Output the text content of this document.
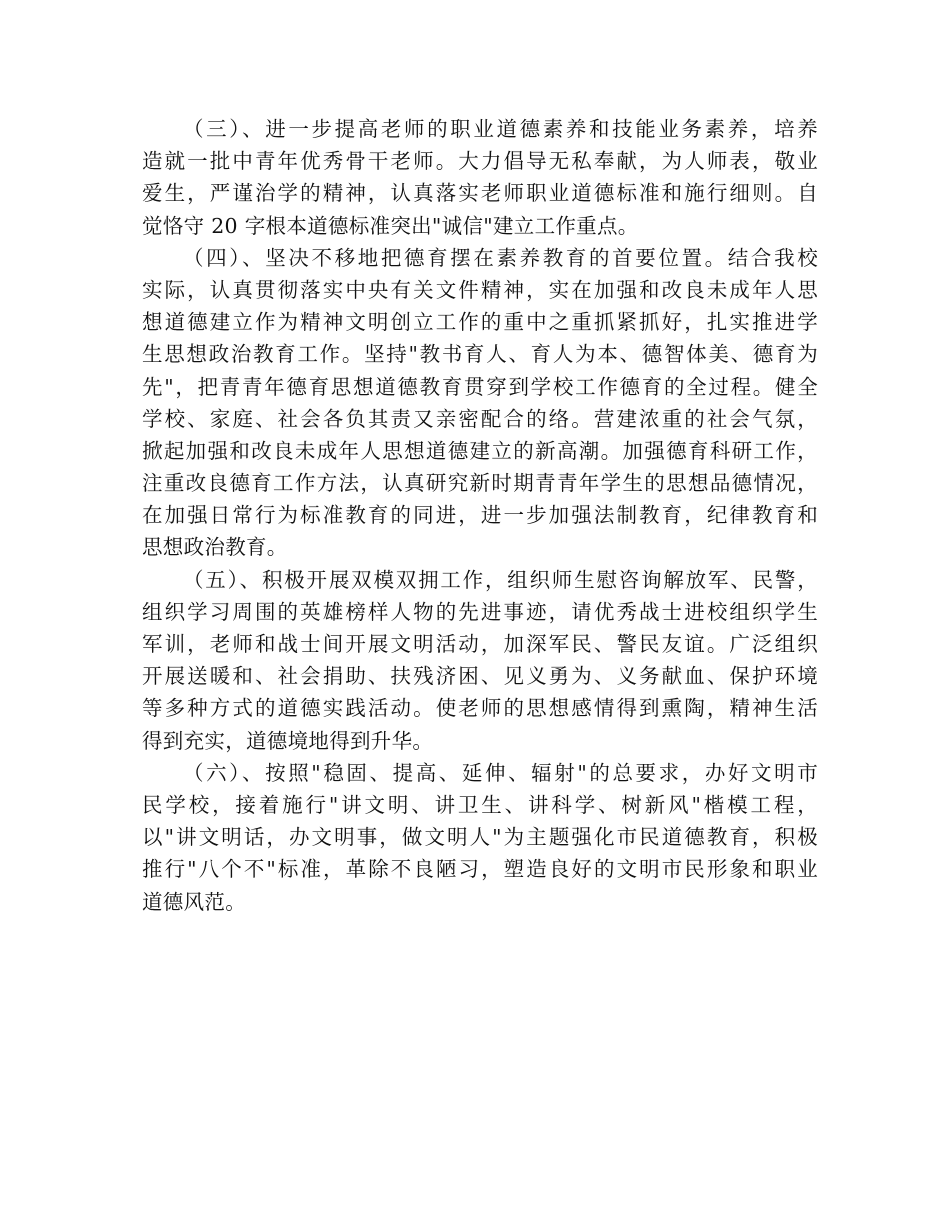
（三）、进一步提高老师的职业道德素养和技能业务素养，培养
造就一批中青年优秀骨干老师。大力倡导无私奉献，为人师表，敬业
爱生，严谨治学的精神，认真落实老师职业道德标准和施行细则。自
觉恪守 20 字根本道德标准突出"诚信"建立工作重点。
（四）、坚决不移地把德育摆在素养教育的首要位置。结合我校
实际，认真贯彻落实中央有关文件精神，实在加强和改良未成年人思
想道德建立作为精神文明创立工作的重中之重抓紧抓好，扎实推进学
生思想政治教育工作。坚持"教书育人、育人为本、德智体美、德育为
先"，把青青年德育思想道德教育贯穿到学校工作德育的全过程。健全
学校、家庭、社会各负其责又亲密配合的络。营建浓重的社会气氛，
掀起加强和改良未成年人思想道德建立的新高潮。加强德育科研工作，
注重改良德育工作方法，认真研究新时期青青年学生的思想品德情况，
在加强日常行为标准教育的同进，进一步加强法制教育，纪律教育和
思想政治教育。
（五）、积极开展双模双拥工作，组织师生慰咨询解放军、民警，
组织学习周围的英雄榜样人物的先进事迹，请优秀战士进校组织学生
军训，老师和战士间开展文明活动，加深军民、警民友谊。广泛组织
开展送暖和、社会捐助、扶残济困、见义勇为、义务献血、保护环境
等多种方式的道德实践活动。使老师的思想感情得到熏陶，精神生活
得到充实，道德境地得到升华。
（六）、按照"稳固、提高、延伸、辐射"的总要求，办好文明市
民学校，接着施行"讲文明、讲卫生、讲科学、树新风"楷模工程，
以"讲文明话，办文明事，做文明人"为主题强化市民道德教育，积极
推行"八个不"标准，革除不良陋习，塑造良好的文明市民形象和职业
道德风范。
